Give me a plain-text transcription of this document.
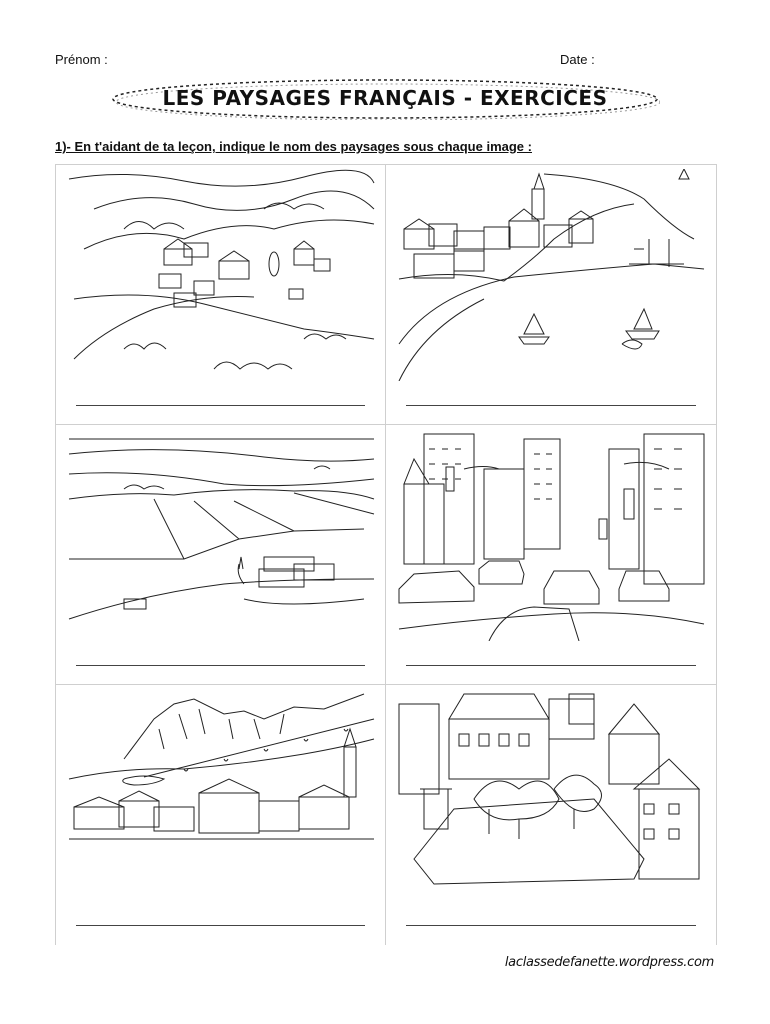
Prénom :	Date :
LES PAYSAGES FRANÇAIS - EXERCICES
1)- En t'aidant de ta leçon, indique le nom des paysages sous chaque image :
laclassedefanette.wordpress.com
